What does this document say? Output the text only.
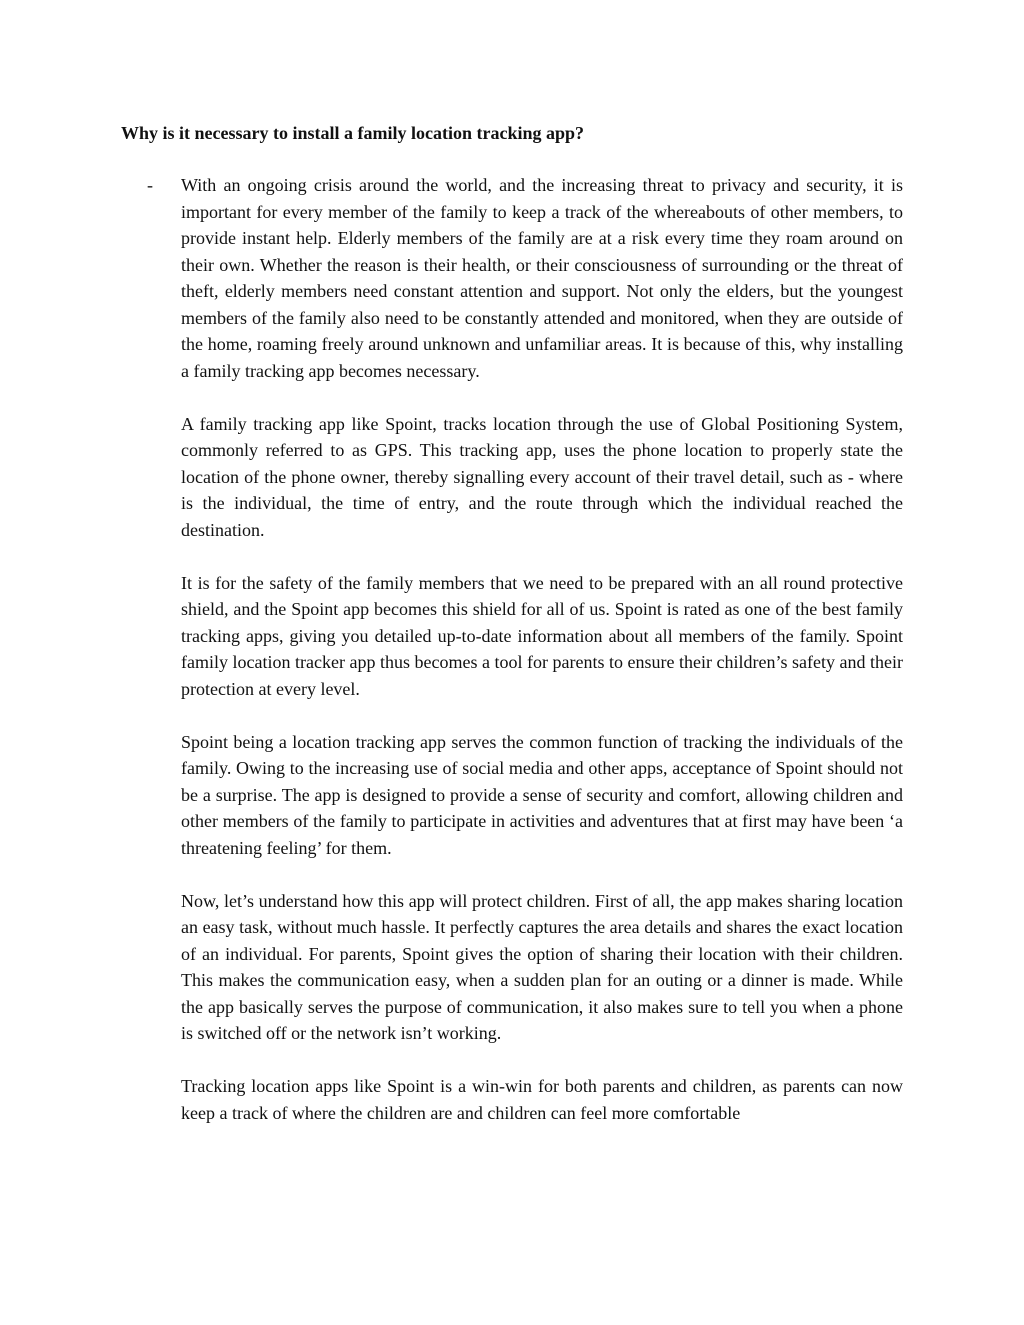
Why is it necessary to install a family location tracking app?
- With an ongoing crisis around the world, and the increasing threat to privacy and security, it is important for every member of the family to keep a track of the whereabouts of other members, to provide instant help. Elderly members of the family are at a risk every time they roam around on their own. Whether the reason is their health, or their consciousness of surrounding or the threat of theft, elderly members need constant attention and support. Not only the elders, but the youngest members of the family also need to be constantly attended and monitored, when they are outside of the home, roaming freely around unknown and unfamiliar areas. It is because of this, why installing a family tracking app becomes necessary.

A family tracking app like Spoint, tracks location through the use of Global Positioning System, commonly referred to as GPS. This tracking app, uses the phone location to properly state the location of the phone owner, thereby signalling every account of their travel detail, such as - where is the individual, the time of entry, and the route through which the individual reached the destination.

It is for the safety of the family members that we need to be prepared with an all round protective shield, and the Spoint app becomes this shield for all of us. Spoint is rated as one of the best family tracking apps, giving you detailed up-to-date information about all members of the family. Spoint family location tracker app thus becomes a tool for parents to ensure their children’s safety and their protection at every level.

Spoint being a location tracking app serves the common function of tracking the individuals of the family. Owing to the increasing use of social media and other apps, acceptance of Spoint should not be a surprise. The app is designed to provide a sense of security and comfort, allowing children and other members of the family to participate in activities and adventures that at first may have been ‘a threatening feeling’ for them.

Now, let’s understand how this app will protect children. First of all, the app makes sharing location an easy task, without much hassle. It perfectly captures the area details and shares the exact location of an individual. For parents, Spoint gives the option of sharing their location with their children. This makes the communication easy, when a sudden plan for an outing or a dinner is made. While the app basically serves the purpose of communication, it also makes sure to tell you when a phone is switched off or the network isn’t working.

Tracking location apps like Spoint is a win-win for both parents and children, as parents can now keep a track of where the children are and children can feel more comfortable
